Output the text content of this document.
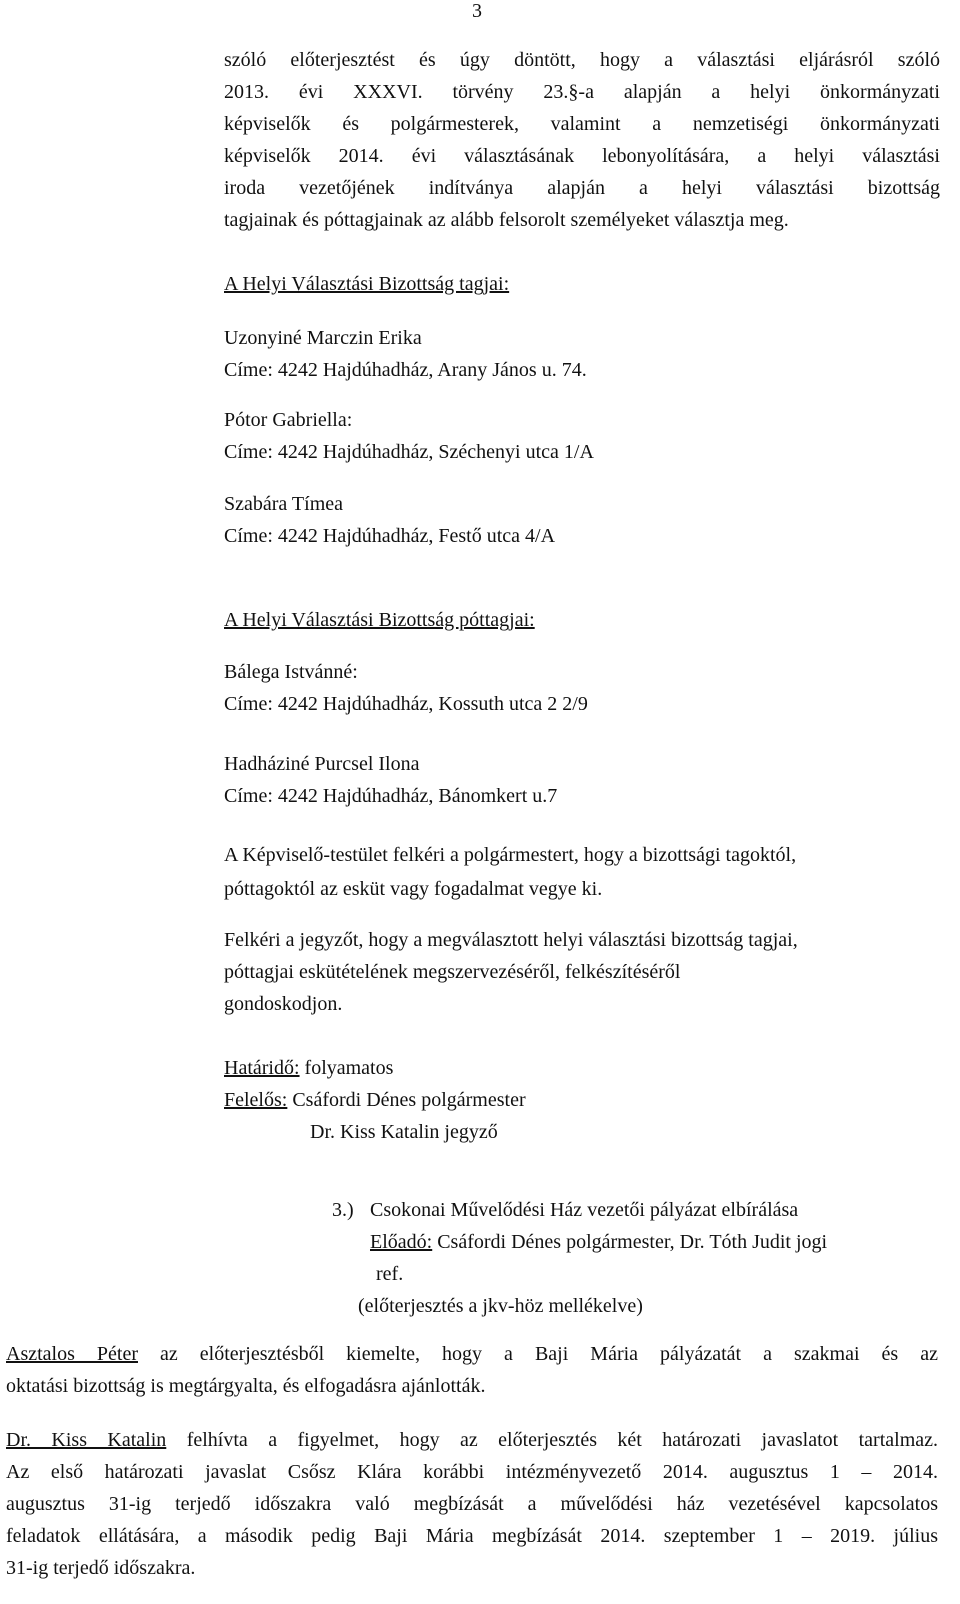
3
szóló előterjesztést és úgy döntött, hogy a választási eljárásról szóló
2013. évi XXXVI. törvény 23.§-a alapján a helyi önkormányzati
képviselők és polgármesterek, valamint a nemzetiségi önkormányzati
képviselők 2014. évi választásának lebonyolítására, a helyi választási
iroda vezetőjének indítványa alapján a helyi választási bizottság
tagjainak és póttagjainak az alább felsorolt személyeket választja meg.
A Helyi Választási Bizottság tagjai:
Uzonyiné Marczin Erika
Címe: 4242 Hajdúhadház, Arany János u. 74.
Pótor Gabriella:
Címe: 4242 Hajdúhadház, Széchenyi utca 1/A
Szabára Tímea
Címe: 4242 Hajdúhadház, Festő utca 4/A
A Helyi Választási Bizottság póttagjai:
Bálega Istvánné:
Címe: 4242 Hajdúhadház, Kossuth utca 2 2/9
Hadháziné Purcsel Ilona
Címe: 4242 Hajdúhadház, Bánomkert u.7
A Képviselő-testület felkéri a polgármestert, hogy a bizottsági tagoktól,
póttagoktól az esküt vagy fogadalmat vegye ki.
Felkéri a jegyzőt, hogy a megválasztott helyi választási bizottság tagjai,
póttagjai eskütételének megszervezéséről, felkészítéséről
gondoskodjon.
Határidő: folyamatos
Felelős: Csáfordi Dénes polgármester
Dr. Kiss Katalin jegyző
3.) Csokonai Művelődési Ház vezetői pályázat elbírálása
Előadó: Csáfordi Dénes polgármester, Dr. Tóth Judit jogi
ref.
(előterjesztés a jkv-höz mellékelve)
Asztalos Péter az előterjesztésből kiemelte, hogy a Baji Mária pályázatát a szakmai és az
oktatási bizottság is megtárgyalta, és elfogadásra ajánlották.
Dr. Kiss Katalin felhívta a figyelmet, hogy az előterjesztés két határozati javaslatot tartalmaz.
Az első határozati javaslat Csősz Klára korábbi intézményvezető 2014. augusztus 1 – 2014.
augusztus 31-ig terjedő időszakra való megbízását a művelődési ház vezetésével kapcsolatos
feladatok ellátására, a második pedig Baji Mária megbízását 2014. szeptember 1 – 2019. július
31-ig terjedő időszakra.
